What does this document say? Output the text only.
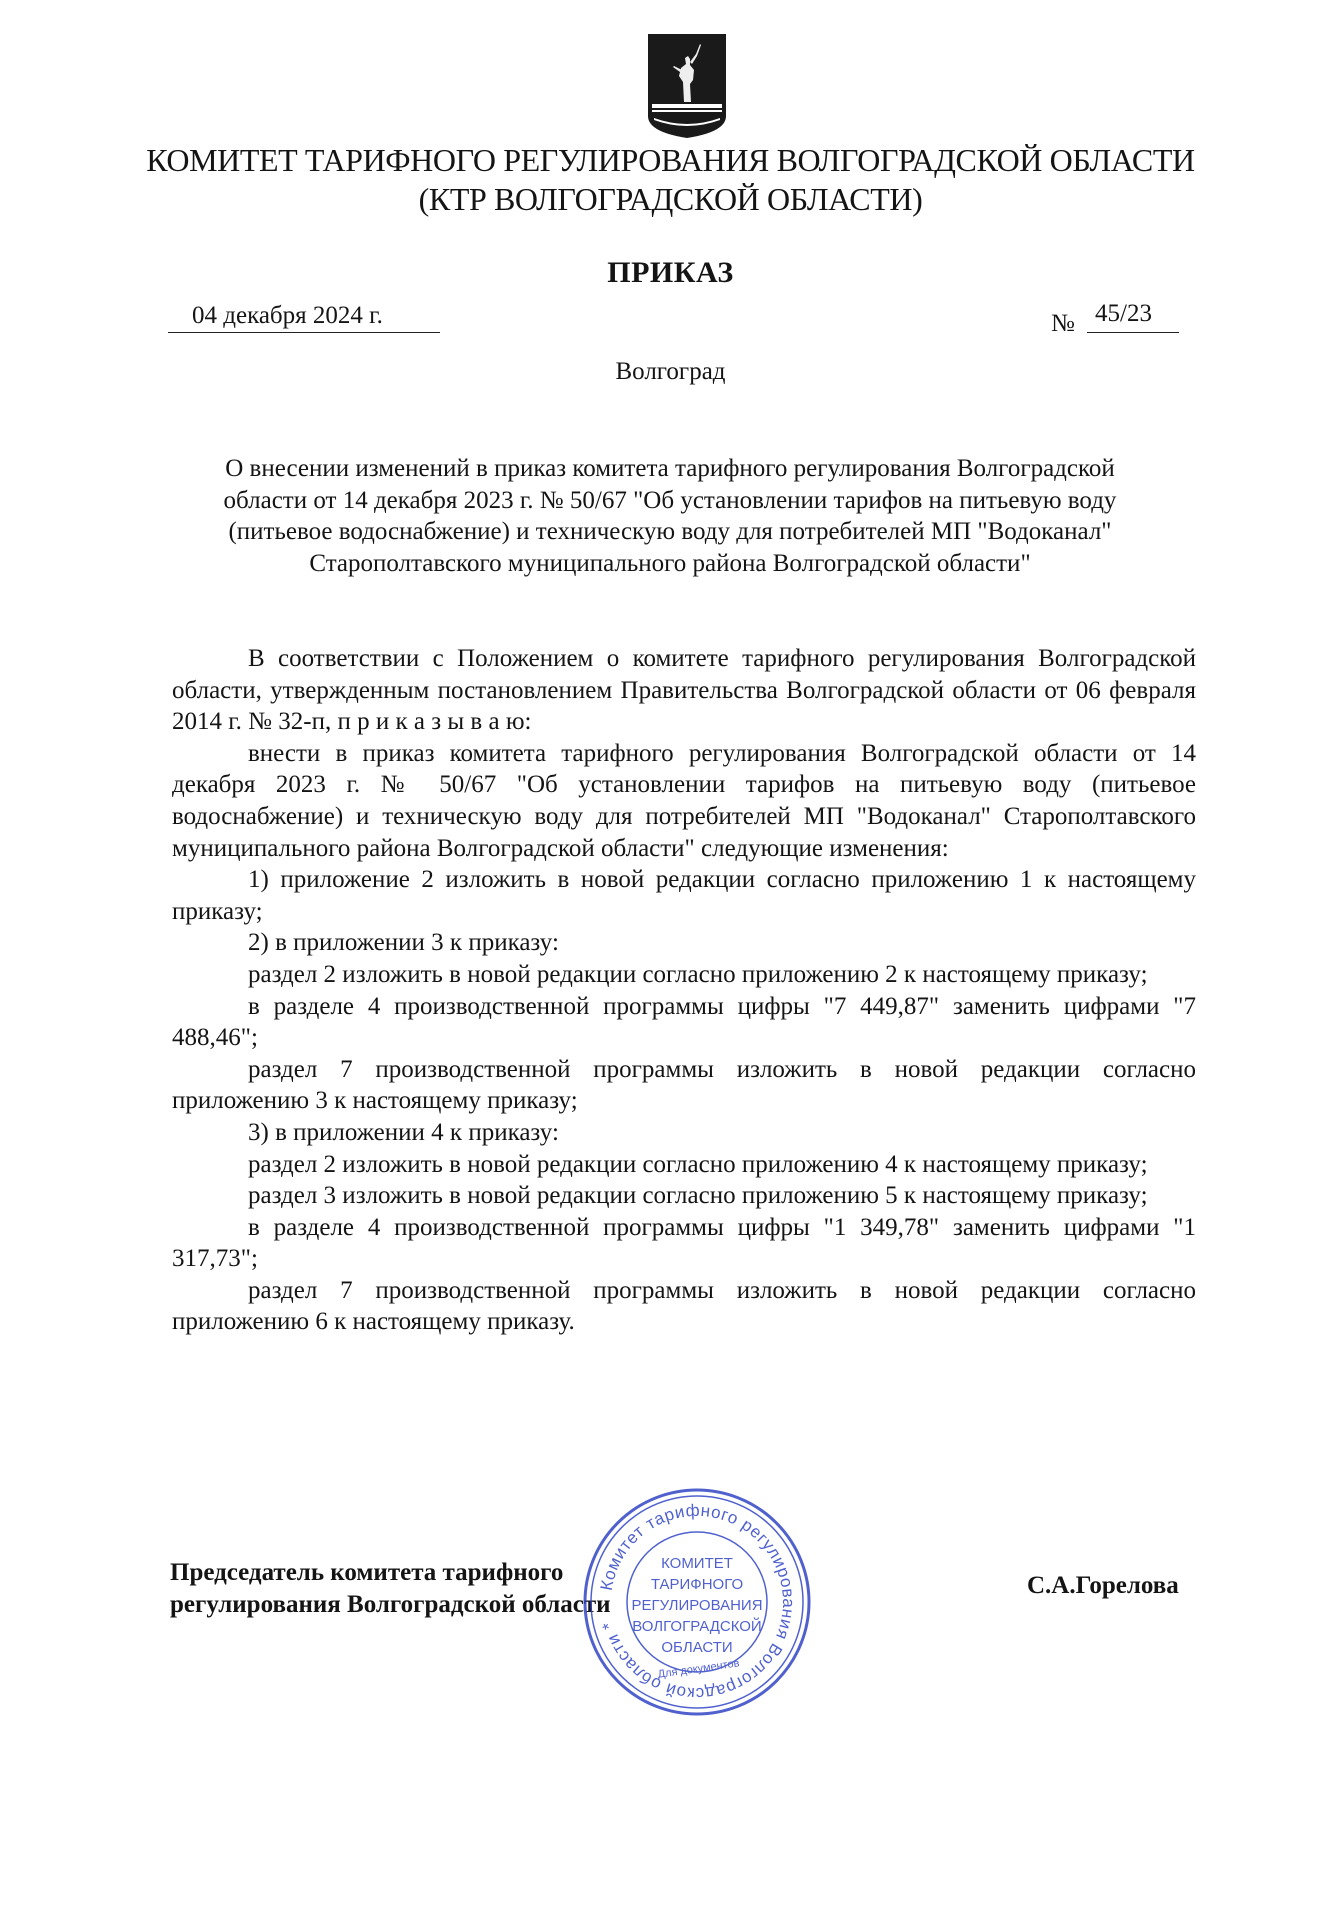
КОМИТЕТ ТАРИФНОГО РЕГУЛИРОВАНИЯ ВОЛГОГРАДСКОЙ ОБЛАСТИ
(КТР ВОЛГОГРАДСКОЙ ОБЛАСТИ)
ПРИКАЗ
04 декабря 2024 г.	№ 45/23
Волгоград
О внесении изменений в приказ комитета тарифного регулирования Волгоградской
области от 14 декабря 2023 г. № 50/67 "Об установлении тарифов на питьевую воду
(питьевое водоснабжение) и техническую воду для потребителей МП "Водоканал"
Старополтавского муниципального района Волгоградской области"

В соответствии с Положением о комитете тарифного регулирования Волгоградской области, утвержденным постановлением Правительства Волгоградской области от 06 февраля 2014 г. № 32-п, п р и к а з ы в а ю:

внести в приказ комитета тарифного регулирования Волгоградской области от 14 декабря 2023 г. № 50/67 "Об установлении тарифов на питьевую воду (питьевое водоснабжение) и техническую воду для потребителей МП "Водоканал" Старополтавского муниципального района Волгоградской области" следующие изменения:

1) приложение 2 изложить в новой редакции согласно приложению 1 к настоящему приказу;

2) в приложении 3 к приказу:

раздел 2 изложить в новой редакции согласно приложению 2 к настоящему приказу;

в разделе 4 производственной программы цифры "7 449,87" заменить цифрами "7 488,46";

раздел 7 производственной программы изложить в новой редакции согласно приложению 3 к настоящему приказу;

3) в приложении 4 к приказу:

раздел 2 изложить в новой редакции согласно приложению 4 к настоящему приказу;

раздел 3 изложить в новой редакции согласно приложению 5 к настоящему приказу;

в разделе 4 производственной программы цифры "1 349,78" заменить цифрами "1 317,73";

раздел 7 производственной программы изложить в новой редакции согласно приложению 6 к настоящему приказу.

Председатель комитета тарифного
регулирования Волгоградской области
С.А.Горелова
Комитет тарифного регулирования Волгоградской области *
КОМИТЕТ
ТАРИФНОГО
РЕГУЛИРОВАНИЯ
ВОЛГОГРАДСКОЙ
ОБЛАСТИ
Для документов
